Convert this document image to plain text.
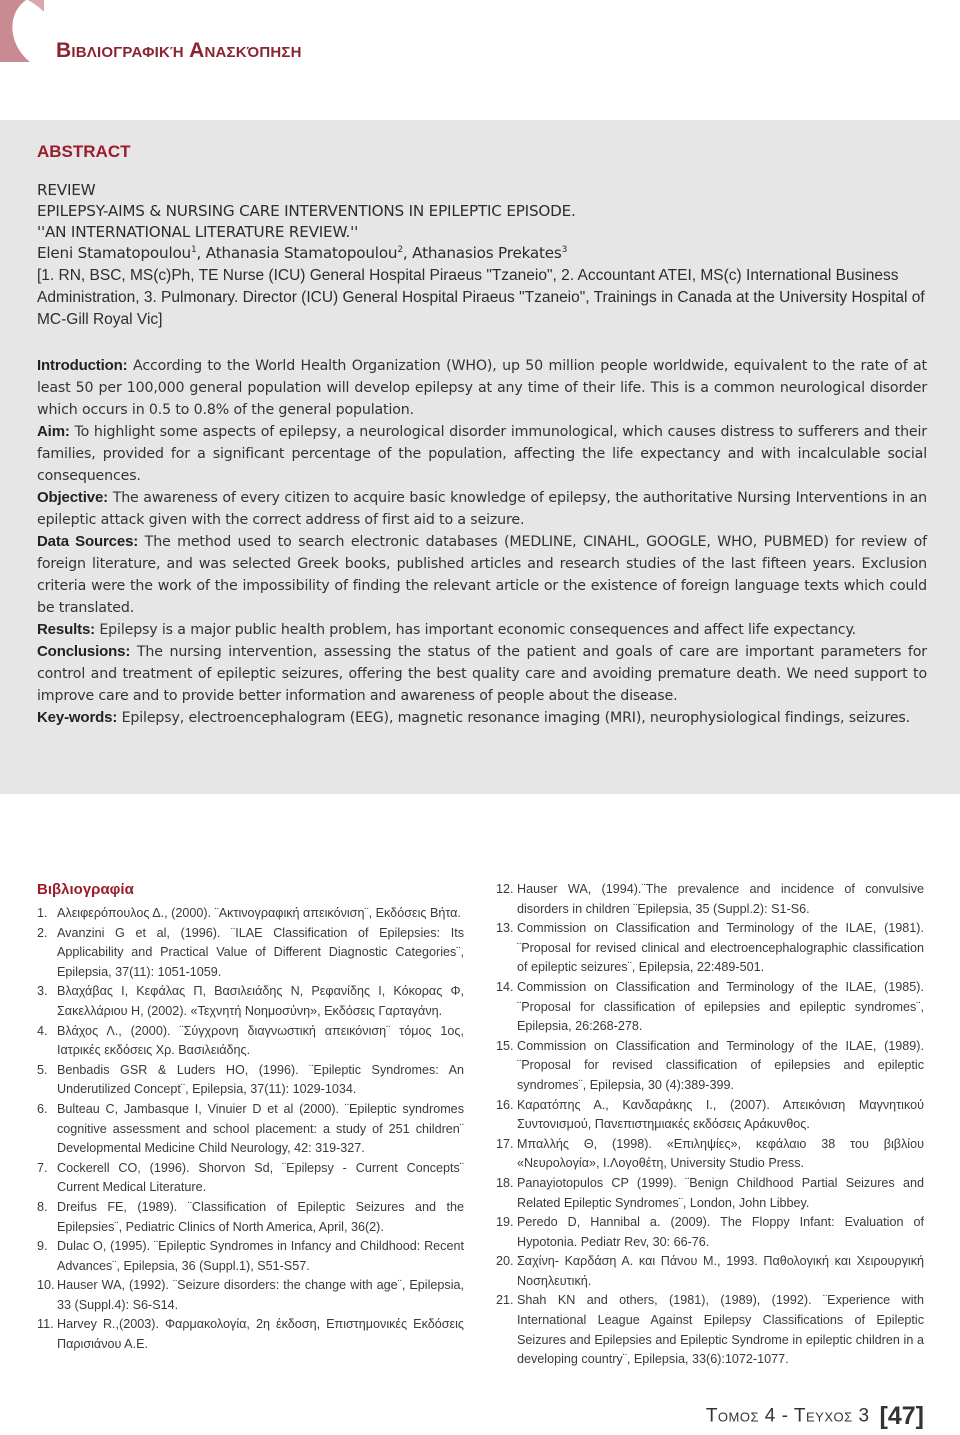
Βιβλιογραφική Ανασκόπηση
ABSTRACT
REVIEW
EPILEPSY-AIMS & NURSING CARE INTERVENTIONS IN EPILEPTIC EPISODE.
''AN INTERNATIONAL LITERATURE REVIEW.''
Eleni Stamatopoulou$^1$, Athanasia Stamatopoulou$^2$, Athanasios Prekates$^3$
[1. RN, BSC, MS(c)Ph, TE Nurse (ICU) General Hospital Piraeus "Tzaneio", 2. Accountant ATEI, MS(c) International Business Administration, 3. Pulmonary. Director (ICU) General Hospital Piraeus "Tzaneio", Trainings in Canada at the University Hospital of MC-Gill Royal Vic]

Introduction: According to the World Health Organization (WHO), up 50 million people worldwide, equivalent to the rate of at least 50 per 100,000 general population will develop epilepsy at any time of their life. This is a common neurological disorder which occurs in 0.5 to 0.8% of the general population.

Aim: To highlight some aspects of epilepsy, a neurological disorder immunological, which causes distress to sufferers and their families, provided for a significant percentage of the population, affecting the life expectancy and with incalculable social consequences.

Objective: The awareness of every citizen to acquire basic knowledge of epilepsy, the authoritative Nursing Interventions in an epileptic attack given with the correct address of first aid to a seizure.

Data Sources: The method used to search electronic databases (MEDLINE, CINAHL, GOOGLE, WHO, PUBMED) for review of foreign literature, and was selected Greek books, published articles and research studies of the last fifteen years. Exclusion criteria were the work of the impossibility of finding the relevant article or the existence of foreign language texts which could be translated.

Results: Epilepsy is a major public health problem, has important economic consequences and affect life expectancy.

Conclusions: The nursing intervention, assessing the status of the patient and goals of care are important parameters for control and treatment of epileptic seizures, offering the best quality care and avoiding premature death. We need support to improve care and to provide better information and awareness of people about the disease.

Key-words: Epilepsy, electroencephalogram (EEG), magnetic resonance imaging (MRI), neurophysiological findings, seizures.

Βιβλιογραφία
1. Αλειφερόπουλος Δ., (2000). ¨Ακτινογραφική απεικόνιση¨, Εκδόσεις Βήτα.
2. Avanzini G et al, (1996). ¨ILAE Classification of Epilepsies: Its Applicability and Practical Value of Different Diagnostic Categories¨, Epilepsia, 37(11): 1051-1059.
3. Βλαχάβας Ι, Κεφάλας Π, Βασιλειάδης Ν, Ρεφανίδης Ι, Κόκορας Φ, Σακελλάριου Η, (2002). «Τεχνητή Νοημοσύνη», Εκδόσεις Γαρταγάνη.
4. Βλάχος Λ., (2000). ¨Σύγχρονη διαγνωστική απεικόνιση¨ τόμος 1ος, Ιατρικές εκδόσεις Χρ. Βασιλειάδης.
5. Benbadis GSR & Luders HO, (1996). ¨Epileptic Syndromes: An Underutilized Concept¨, Epilepsia, 37(11): 1029-1034.
6. Bulteau C, Jambasque I, Vinuier D et al (2000). ¨Epileptic syndromes cognitive assessment and school placement: a study of 251 children¨ Developmental Medicine Child Neurology, 42: 319-327.
7. Cockerell CO, (1996). Shorvon Sd, ¨Epilepsy - Current Concepts¨ Current Medical Literature.
8. Dreifus FE, (1989). ¨Classification of Epileptic Seizures and the Epilepsies¨, Pediatric Clinics of North America, April, 36(2).
9. Dulac O, (1995). ¨Epileptic Syndromes in Infancy and Childhood: Recent Advances¨, Epilepsia, 36 (Suppl.1), S51-S57.
10. Hauser WA, (1992). ¨Seizure disorders: the change with age¨, Epilepsia, 33 (Suppl.4): S6-S14.
11. Harvey R.,(2003). Φαρμακολογία, 2η έκδοση, Επιστημονικές Εκδόσεις Παρισιάνου Α.Ε.
12. Hauser WA, (1994).¨The prevalence and incidence of convulsive disorders in children ¨Epilepsia, 35 (Suppl.2): S1-S6.
13. Commission on Classification and Terminology of the ILAE, (1981). ¨Proposal for revised clinical and electroencephalographic classification of epileptic seizures¨, Epilepsia, 22:489-501.
14. Commission on Classification and Terminology of the ILAE, (1985). ¨Proposal for classification of epilepsies and epileptic syndromes¨, Epilepsia, 26:268-278.
15. Commission on Classification and Terminology of the ILAE, (1989). ¨Proposal for revised classification of epilepsies and epileptic syndromes¨, Epilepsia, 30 (4):389-399.
16. Καρατόπης Α., Κανδαράκης Ι., (2007). Απεικόνιση Μαγνητικού Συντονισμού, Πανεπιστημιακές εκδόσεις Αράκυνθος.
17. Μπαλλής Θ, (1998). «Επιληψίες», κεφάλαιο 38 του βιβλίου «Νευρολογία», Ι.Λογοθέτη, University Studio Press.
18. Panayiotopulos CP (1999). ¨Benign Childhood Partial Seizures and Related Epileptic Syndromes¨, London, John Libbey.
19. Peredo D, Hannibal a. (2009). The Floppy Infant: Evaluation of Hypotonia. Pediatr Rev, 30: 66-76.
20. Σαχίνη- Καρδάση Α. και Πάνου Μ., 1993. Παθολογική και Χειρουργική Νοσηλευτική.
21. Shah KN and others, (1981), (1989), (1992). ¨Experience with International League Against Epilepsy Classifications of Epileptic Seizures and Epilepsies and Epileptic Syndrome in epileptic children in a developing country¨, Epilepsia, 33(6):1072-1077.
Τομος 4 - Τευχος 3 [47]
